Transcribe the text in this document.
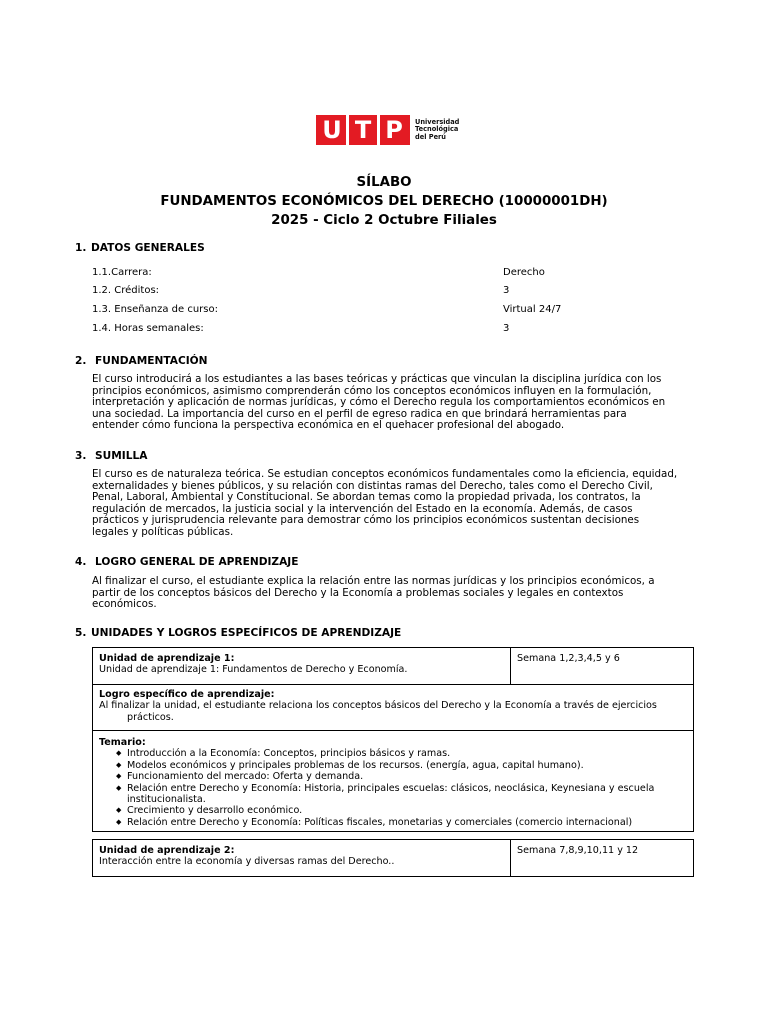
U T P	Universidad
Tecnológica
del Perú
SÍLABO
FUNDAMENTOS ECONÓMICOS DEL DERECHO (10000001DH)
2025 - Ciclo 2 Octubre Filiales
1. DATOS GENERALES
1.1.Carrera:	Derecho
1.2. Créditos:	3
1.3. Enseñanza de curso:	Virtual 24/7
1.4. Horas semanales:	3
2. FUNDAMENTACIÓN
El curso introducirá a los estudiantes a las bases teóricas y prácticas que vinculan la disciplina jurídica con los
principios económicos, asimismo comprenderán cómo los conceptos económicos influyen en la formulación,
interpretación y aplicación de normas jurídicas, y cómo el Derecho regula los comportamientos económicos en
una sociedad. La importancia del curso en el perfil de egreso radica en que brindará herramientas para
entender cómo funciona la perspectiva económica en el quehacer profesional del abogado.
3. SUMILLA
El curso es de naturaleza teórica. Se estudian conceptos económicos fundamentales como la eficiencia, equidad,
externalidades y bienes públicos, y su relación con distintas ramas del Derecho, tales como el Derecho Civil,
Penal, Laboral, Ambiental y Constitucional. Se abordan temas como la propiedad privada, los contratos, la
regulación de mercados, la justicia social y la intervención del Estado en la economía. Además, de casos
prácticos y jurisprudencia relevante para demostrar cómo los principios económicos sustentan decisiones
legales y políticas públicas.
4. LOGRO GENERAL DE APRENDIZAJE
Al finalizar el curso, el estudiante explica la relación entre las normas jurídicas y los principios económicos, a
partir de los conceptos básicos del Derecho y la Economía a problemas sociales y legales en contextos
económicos.
5. UNIDADES Y LOGROS ESPECÍFICOS DE APRENDIZAJE
Unidad de aprendizaje 1:
Unidad de aprendizaje 1: Fundamentos de Derecho y Economía.
Semana 1,2,3,4,5 y 6
Logro específico de aprendizaje:
Al finalizar la unidad, el estudiante relaciona los conceptos básicos del Derecho y la Economía a través de ejercicios
prácticos.
Temario:
◆ Introducción a la Economía: Conceptos, principios básicos y ramas.
◆ Modelos económicos y principales problemas de los recursos. (energía, agua, capital humano).
◆ Funcionamiento del mercado: Oferta y demanda.
◆ Relación entre Derecho y Economía: Historia, principales escuelas: clásicos, neoclásica, Keynesiana y escuela institucionalista.
◆ Crecimiento y desarrollo económico.
◆ Relación entre Derecho y Economía: Políticas fiscales, monetarias y comerciales (comercio internacional)
Unidad de aprendizaje 2:
Interacción entre la economía y diversas ramas del Derecho..
Semana 7,8,9,10,11 y 12
